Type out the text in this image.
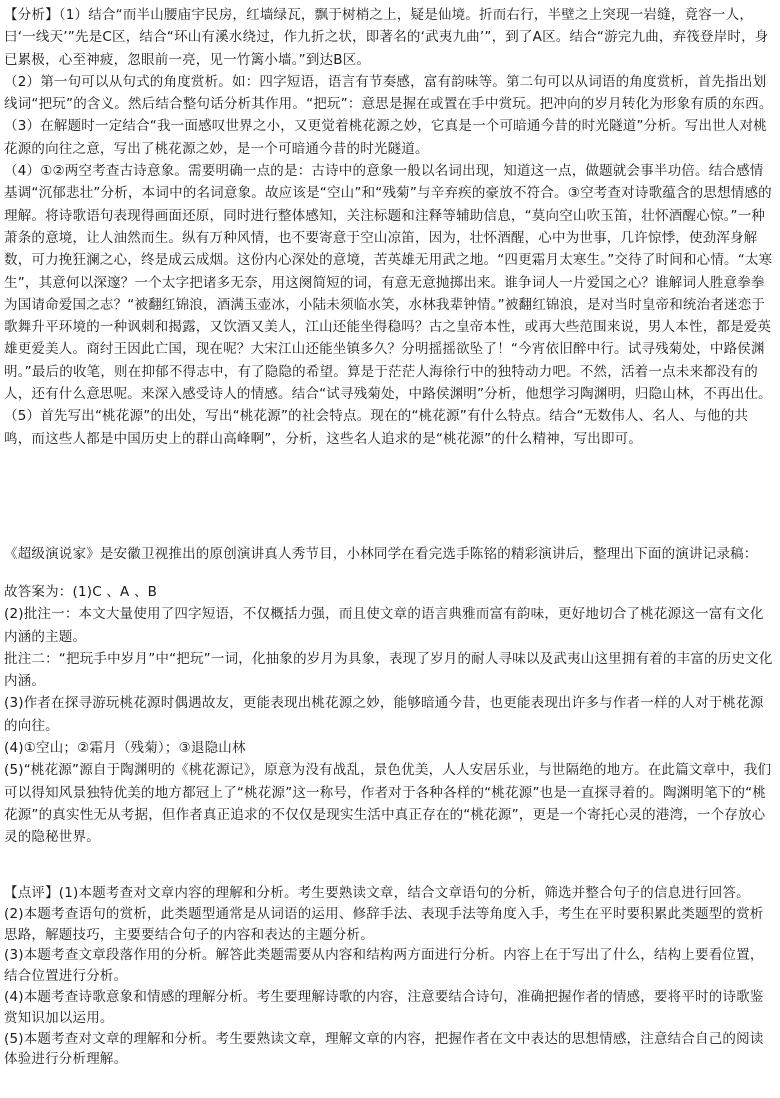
【分析】（1）结合“而半山腰庙宇民房，红墙绿瓦，飘于树梢之上，疑是仙境。折而右行，半壁之上突现一岩缝，竟容一人，曰‘一线天’”先是C区，结合“环山有溪水绕过，作九折之状，即著名的‘武夷九曲’”，到了A区。结合“游完九曲，弃筏登岸时，身已累极，心至神疲，忽眼前一亮，见一竹篱小墙。”到达B区。

（2）第一句可以从句式的角度赏析。如：四字短语，语言有节奏感，富有韵味等。第二句可以从词语的角度赏析，首先指出划线词“把玩”的含义。然后结合整句话分析其作用。“把玩”：意思是握在或置在手中赏玩。把冲向的岁月转化为形象有质的东西。

（3）在解题时一定结合“我一面感叹世界之小，又更觉着桃花源之妙，它真是一个可暗通今昔的时光隧道”分析。写出世人对桃花源的向往之意，写出了桃花源之妙，是一个可暗通今昔的时光隧道。

（4）①②两空考查古诗意象。需要明确一点的是：古诗中的意象一般以名词出现，知道这一点，做题就会事半功倍。结合感情基调“沉郁悲壮”分析，本词中的名词意象。故应该是“空山”和“残菊”与辛弃疾的豪放不符合。③空考查对诗歌蕴含的思想情感的理解。将诗歌语句表现得画面还原，同时进行整体感知，关注标题和注释等辅助信息，“莫向空山吹玉笛，壮怀酒醒心惊。”一种萧条的意境，让人油然而生。纵有万种风情，也不要寄意于空山凉笛，因为，壮怀酒醒，心中为世事，几许惊悸，使劲浑身解数，可力挽狂澜之心，终是成云成烟。这份内心深处的意境，苦英雄无用武之地。“四更霜月太寒生。”交待了时间和心情。“太寒生”，其意何以深邃？一个太字把诸多无奈，用这阕简短的词，有意无意抛掷出来。谁争词人一片爱国之心？谁解词人胜意拳拳为国请命爱国之志？“被翻红锦浪，酒满玉壶冰，小陆未须临水笑，水林我辈钟情。”被翻红锦浪，是对当时皇帝和统治者迷恋于歌舞升平环境的一种讽刺和揭露，又饮酒又美人，江山还能坐得稳吗？古之皇帝本性，或再大些范围来说，男人本性，都是爱英雄更爱美人。商纣王因此亡国，现在呢？大宋江山还能坐镇多久？分明摇摇欲坠了！“今宵依旧醉中行。试寻残菊处，中路侯渊明。”最后的收笔，则在抑郁不得志中，有了隐隐的希望。算是于茫茫人海徐行中的独特动力吧。不然，活着一点未来都没有的人，还有什么意思呢。来深入感受诗人的情感。结合“试寻残菊处，中路侯渊明”分析，他想学习陶渊明，归隐山林，不再出仕。

（5）首先写出“桃花源”的出处，写出“桃花源”的社会特点。现在的“桃花源”有什么特点。结合“无数伟人、名人、与他的共鸣，而这些人都是中国历史上的群山高峰啊”，分析，这些名人追求的是“桃花源”的什么精神，写出即可。

《超级演说家》是安徽卫视推出的原创演讲真人秀节目，小林同学在看完选手陈铭的精彩演讲后，整理出下面的演讲记录稿：

故答案为：(1)C 、A 、B

(2)批注一：本文大量使用了四字短语，不仅概括力强，而且使文章的语言典雅而富有韵味，更好地切合了桃花源这一富有文化内涵的主题。

批注二：“把玩手中岁月”中“把玩”一词，化抽象的岁月为具象，表现了岁月的耐人寻味以及武夷山这里拥有着的丰富的历史文化内涵。

(3)作者在探寻游玩桃花源时偶遇故友，更能表现出桃花源之妙，能够暗通今昔，也更能表现出许多与作者一样的人对于桃花源的向往。

(4)①空山；②霜月（残菊）；③退隐山林

(5)“桃花源”源自于陶渊明的《桃花源记》，原意为没有战乱，景色优美，人人安居乐业，与世隔绝的地方。在此篇文章中，我们可以得知风景独特优美的地方都冠上了“桃花源”这一称号，作者对于各种各样的“桃花源”也是一直探寻着的。陶渊明笔下的“桃花源”的真实性无从考据，但作者真正追求的不仅仅是现实生活中真正存在的“桃花源”，更是一个寄托心灵的港湾，一个存放心灵的隐秘世界。

【点评】(1)本题考查对文章内容的理解和分析。考生要熟读文章，结合文章语句的分析，筛选并整合句子的信息进行回答。

(2)本题考查语句的赏析，此类题型通常是从词语的运用、修辞手法、表现手法等角度入手，考生在平时要积累此类题型的赏析思路，解题技巧，主要要结合句子的内容和表达的主题分析。

(3)本题考查文章段落作用的分析。解答此类题需要从内容和结构两方面进行分析。内容上在于写出了什么，结构上要看位置，结合位置进行分析。

(4)本题考查诗歌意象和情感的理解分析。考生要理解诗歌的内容，注意要结合诗句，准确把握作者的情感，要将平时的诗歌鉴赏知识加以运用。

(5)本题考查对文章的理解和分析。考生要熟读文章，理解文章的内容，把握作者在文中表达的思想情感，注意结合自己的阅读体验进行分析理解。
